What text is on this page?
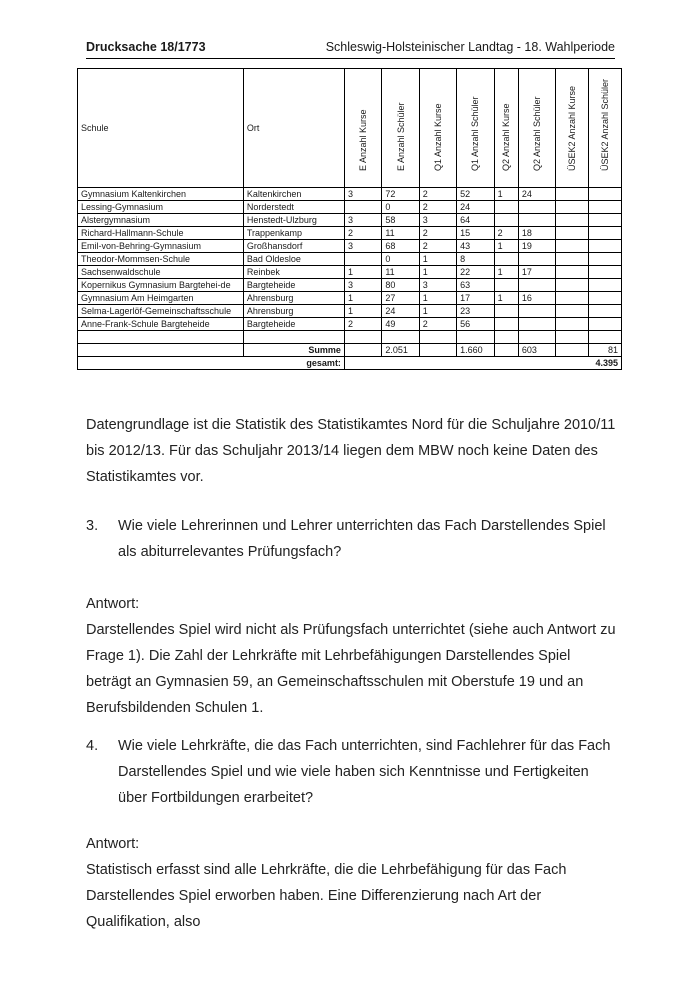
Drucksache 18/1773	Schleswig-Holsteinischer Landtag - 18. Wahlperiode
Schule	Ort	E Anzahl Kurse	E Anzahl Schüler	Q1 Anzahl Kurse	Q1 Anzahl Schüler	Q2 Anzahl Kurse	Q2 Anzahl Schüler	ÜSEK2 Anzahl Kurse	ÜSEK2 Anzahl Schüler

Gymnasium Kaltenkirchen	Kaltenkirchen	3	72	2	52	1	24		
Lessing-Gymnasium	Norderstedt		0	2	24				
Alstergymnasium	Henstedt-Ulzburg	3	58	3	64				
Richard-Hallmann-Schule	Trappenkamp	2	11	2	15	2	18		
Emil-von-Behring-Gymnasium	Großhansdorf	3	68	2	43	1	19		
Theodor-Mommsen-Schule	Bad Oldesloe		0	1	8				
Sachsenwaldschule	Reinbek	1	11	1	22	1	17		
Kopernikus Gymnasium Bargtehei-de	Bargteheide	3	80	3	63				
Gymnasium Am Heimgarten	Ahrensburg	1	27	1	17	1	16		
Selma-Lagerlöf-Gemeinschaftsschule	Ahrensburg	1	24	1	23				
Anne-Frank-Schule Bargteheide	Bargteheide	2	49	2	56				

	Summe		2.051		1.660		603		81
gesamt:		4.395							
Datengrundlage ist die Statistik des Statistikamtes Nord für die Schuljahre 2010/11 bis 2012/13. Für das Schuljahr 2013/14 liegen dem MBW noch keine Daten des Statistikamtes vor.
3. Wie viele Lehrerinnen und Lehrer unterrichten das Fach Darstellendes Spiel als abiturrelevantes Prüfungsfach?
Antwort:
Darstellendes Spiel wird nicht als Prüfungsfach unterrichtet (siehe auch Antwort zu Frage 1). Die Zahl der Lehrkräfte mit Lehrbefähigungen Darstellendes Spiel beträgt an Gymnasien 59, an Gemeinschaftsschulen mit Oberstufe 19 und an Berufsbildenden Schulen 1.
4. Wie viele Lehrkräfte, die das Fach unterrichten, sind Fachlehrer für das Fach Darstellendes Spiel und wie viele haben sich Kenntnisse und Fertigkeiten über Fortbildungen erarbeitet?
Antwort:
Statistisch erfasst sind alle Lehrkräfte, die die Lehrbefähigung für das Fach Darstellendes Spiel erworben haben. Eine Differenzierung nach Art der Qualifikation, also
